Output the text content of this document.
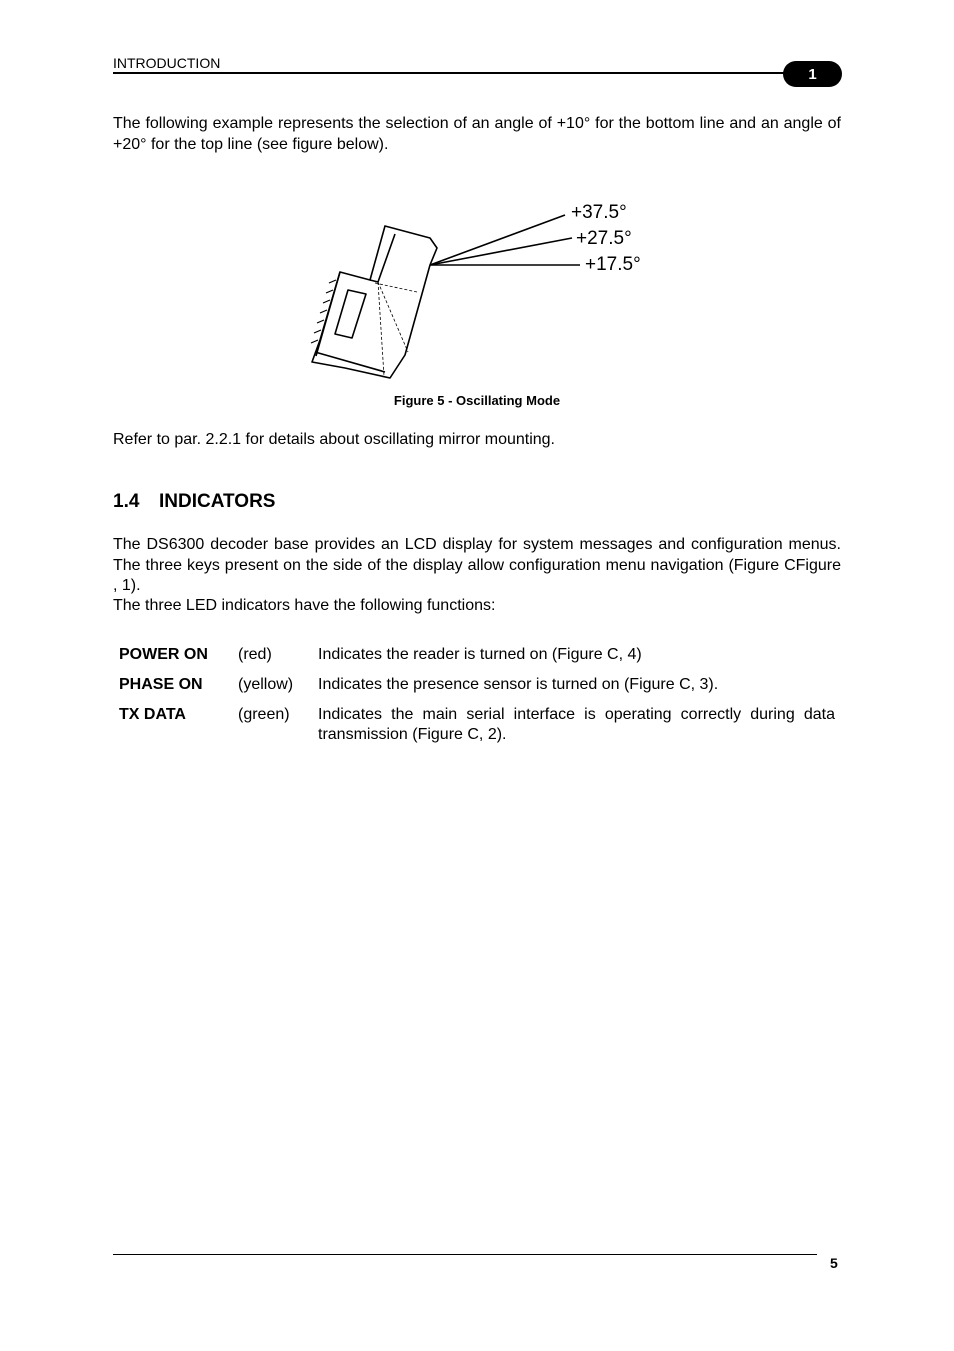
INTRODUCTION
1
The following example represents the selection of an angle of +10° for the bottom line and an angle of +20° for the top line (see figure below).
+37.5°
+27.5°
+17.5°
Figure 5 - Oscillating Mode
Refer to par. 2.2.1 for details about oscillating mirror mounting.
1.4 INDICATORS
The DS6300 decoder base provides an LCD display for system messages and configuration menus. The three keys present on the side of the display allow configuration menu navigation (Figure CFigure , 1).
The three LED indicators have the following functions:
POWER ON	(red)	Indicates the reader is turned on (Figure C, 4)
PHASE ON	(yellow)	Indicates the presence sensor is turned on (Figure C, 3).
TX DATA	(green)	Indicates the main serial interface is operating correctly during data transmission (Figure C, 2).
5
